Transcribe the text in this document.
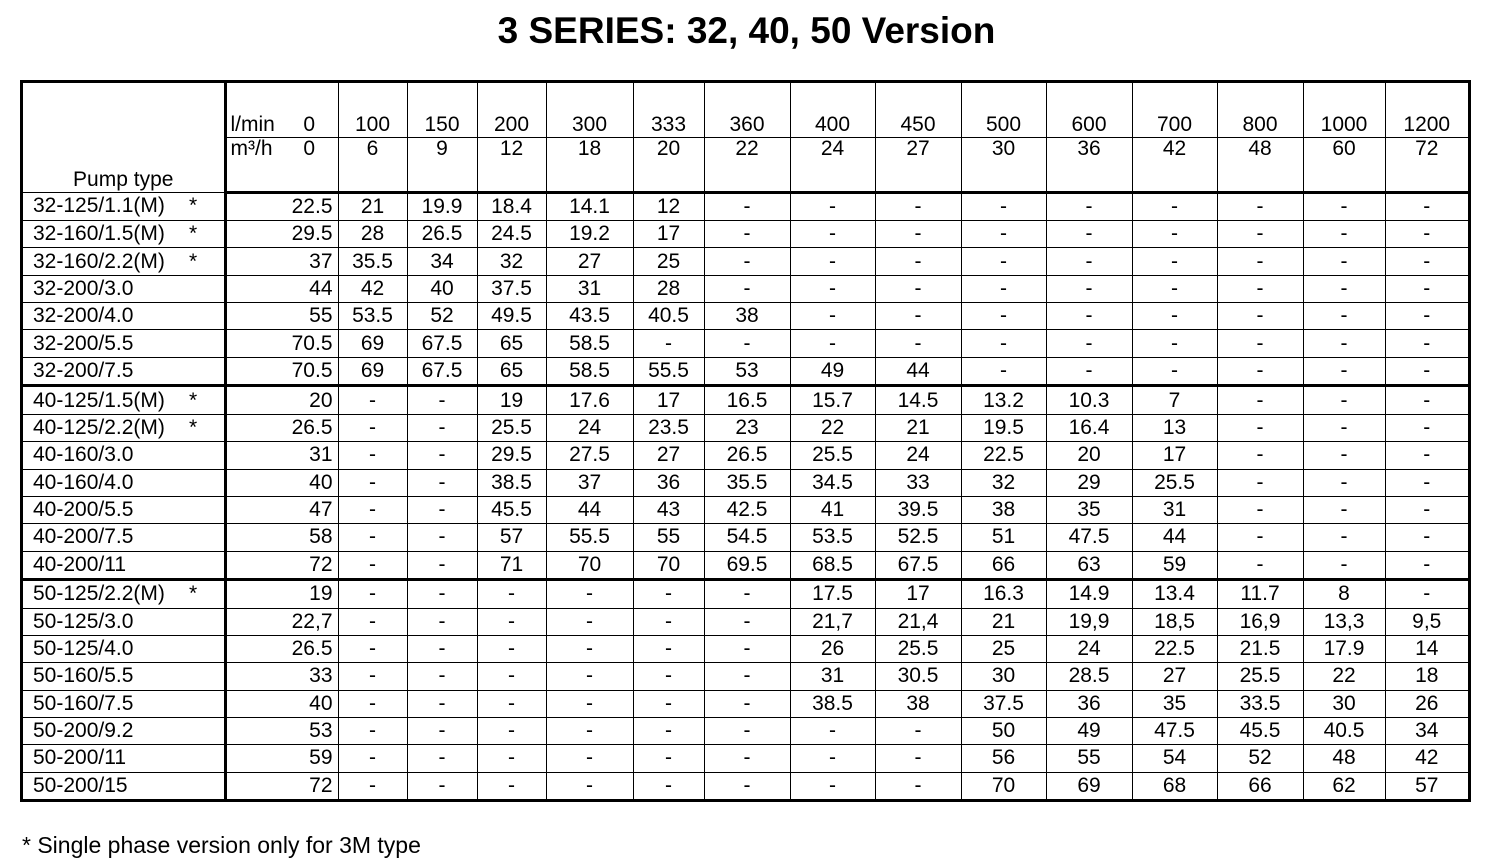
3 SERIES: 32, 40, 50 Version
Pump type	l/min	0	100	150	200	300	333	360	400	450	500	600	700	800	1000	1200
	m³/h	0	6	9	12	18	20	22	24	27	30	36	42	48	60	72
32-125/1.1(M) *	22.5		21	19.9	18.4	14.1	12	-	-	-	-	-	-	-	-	-
32-160/1.5(M) *	29.5		28	26.5	24.5	19.2	17	-	-	-	-	-	-	-	-	-
32-160/2.2(M) *	37		35.5	34	32	27	25	-	-	-	-	-	-	-	-	-
32-200/3.0	44		42	40	37.5	31	28	-	-	-	-	-	-	-	-	-
32-200/4.0	55		53.5	52	49.5	43.5	40.5	38	-	-	-	-	-	-	-	-
32-200/5.5	70.5		69	67.5	65	58.5	-	-	-	-	-	-	-	-	-	-
32-200/7.5	70.5		69	67.5	65	58.5	55.5	53	49	44	-	-	-	-	-	-
40-125/1.5(M) *	20		-	-	19	17.6	17	16.5	15.7	14.5	13.2	10.3	7	-	-	-
40-125/2.2(M) *	26.5		-	-	25.5	24	23.5	23	22	21	19.5	16.4	13	-	-	-
40-160/3.0	31		-	-	29.5	27.5	27	26.5	25.5	24	22.5	20	17	-	-	-
40-160/4.0	40		-	-	38.5	37	36	35.5	34.5	33	32	29	25.5	-	-	-
40-200/5.5	47		-	-	45.5	44	43	42.5	41	39.5	38	35	31	-	-	-
40-200/7.5	58		-	-	57	55.5	55	54.5	53.5	52.5	51	47.5	44	-	-	-
40-200/11	72		-	-	71	70	70	69.5	68.5	67.5	66	63	59	-	-	-
50-125/2.2(M) *	19		-	-	-	-	-	-	17.5	17	16.3	14.9	13.4	11.7	8	-
50-125/3.0	22,7		-	-	-	-	-	-	21,7	21,4	21	19,9	18,5	16,9	13,3	9,5
50-125/4.0	26.5		-	-	-	-	-	-	26	25.5	25	24	22.5	21.5	17.9	14
50-160/5.5	33		-	-	-	-	-	-	31	30.5	30	28.5	27	25.5	22	18
50-160/7.5	40		-	-	-	-	-	-	38.5	38	37.5	36	35	33.5	30	26
50-200/9.2	53		-	-	-	-	-	-	-	-	50	49	47.5	45.5	40.5	34
50-200/11	59		-	-	-	-	-	-	-	-	56	55	54	52	48	42
50-200/15	72		-	-	-	-	-	-	-	-	70	69	68	66	62	57

* Single phase version only for 3M type
